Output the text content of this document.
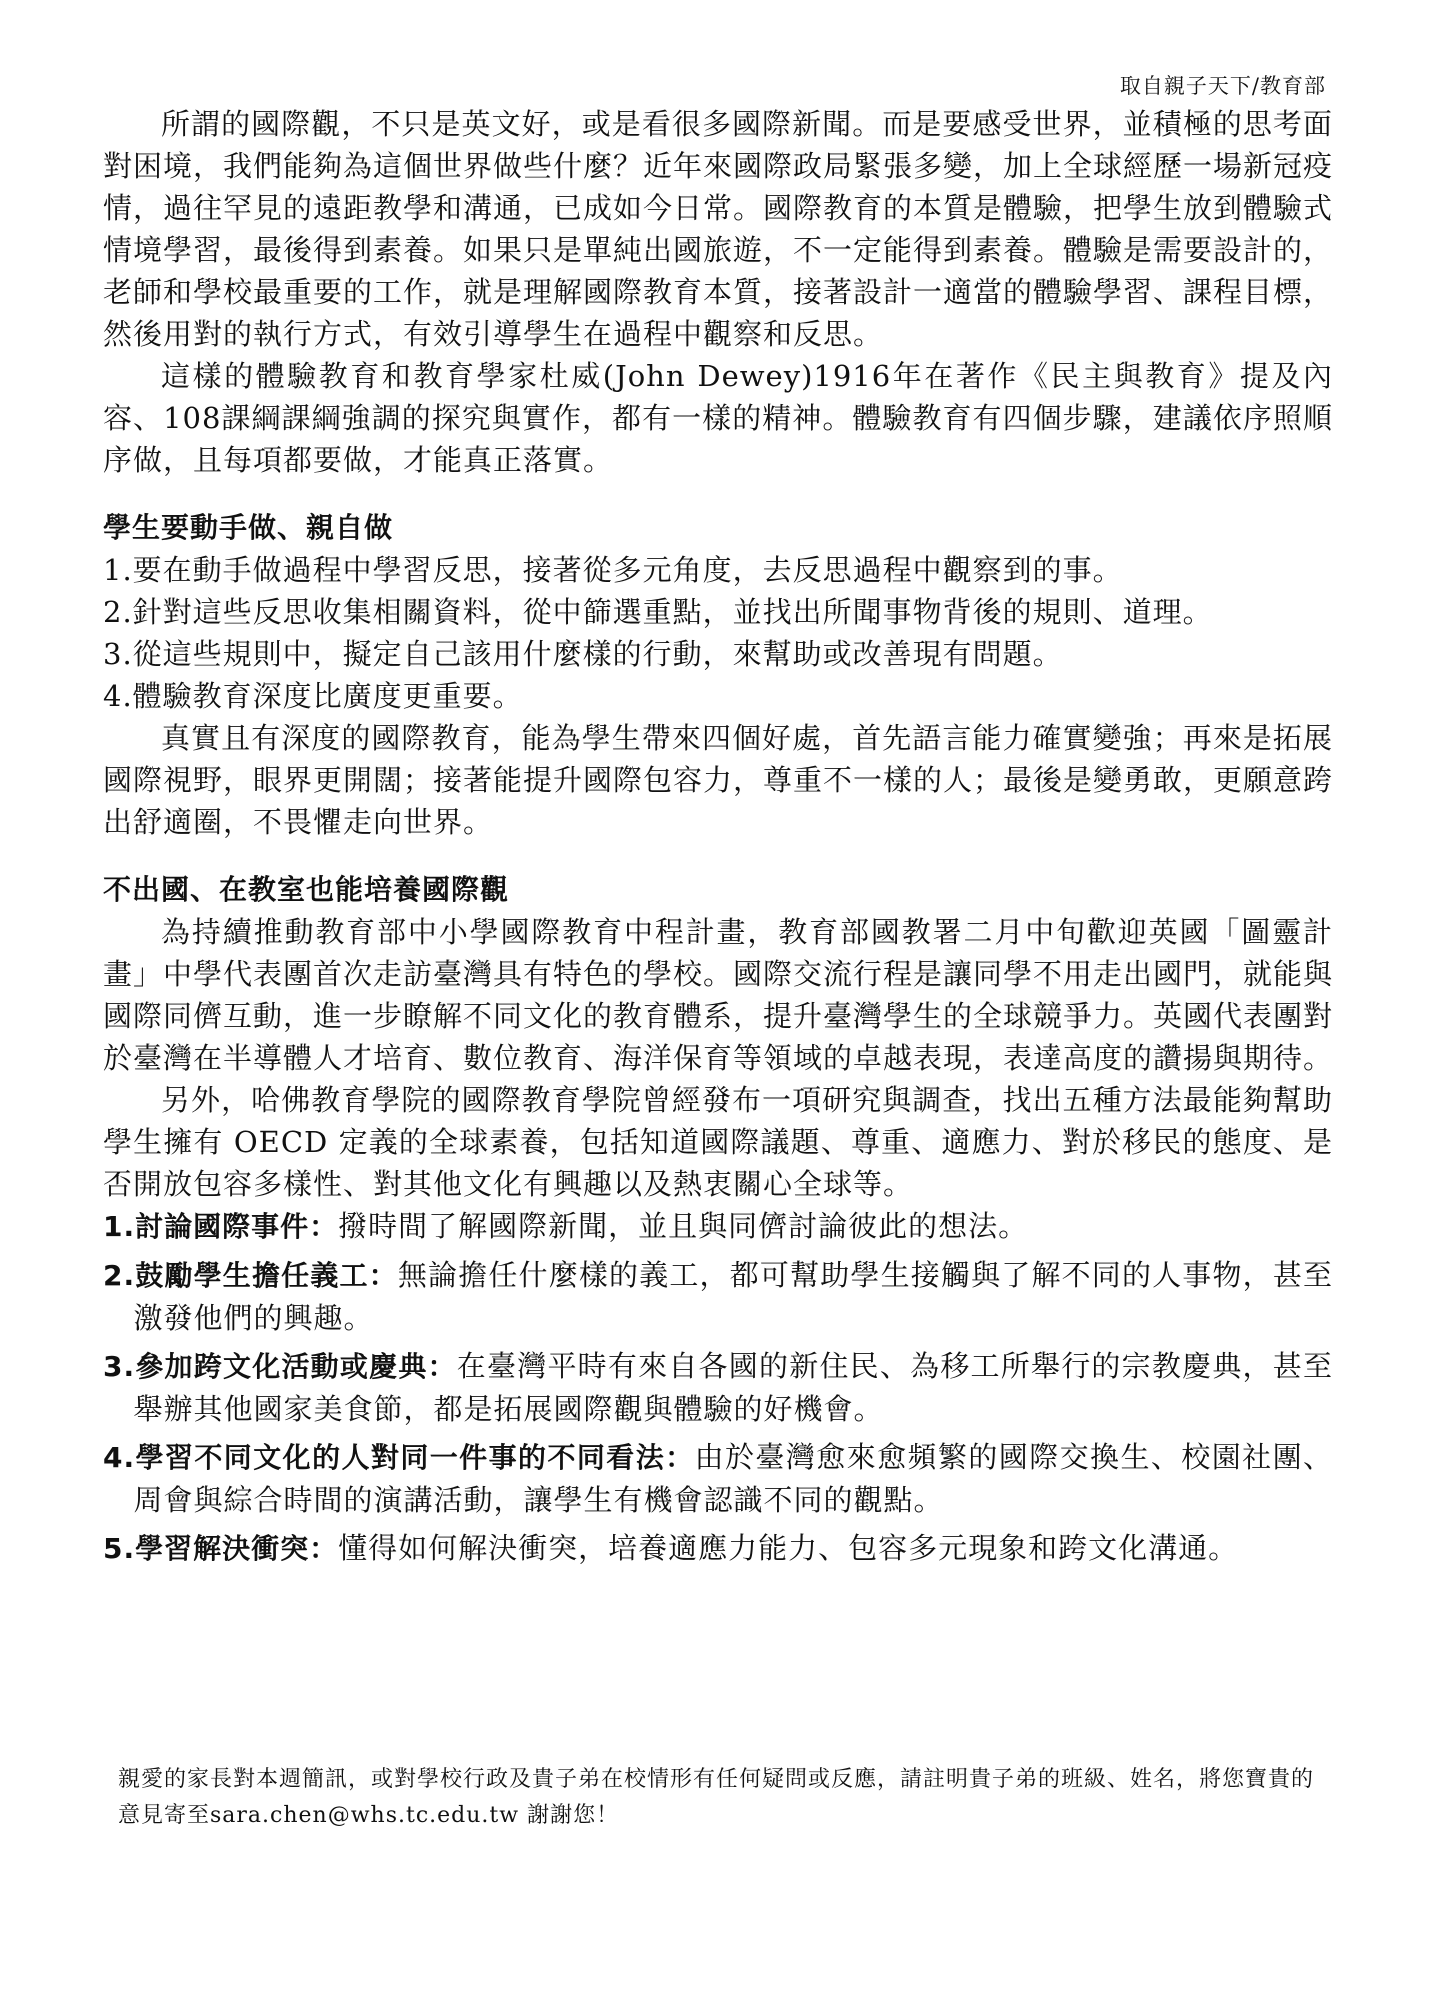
取自親子天下/教育部

所謂的國際觀，不只是英文好，或是看很多國際新聞。而是要感受世界，並積極的思考面對困境，我們能夠為這個世界做些什麼？近年來國際政局緊張多變，加上全球經歷一場新冠疫情，過往罕見的遠距教學和溝通，已成如今日常。國際教育的本質是體驗，把學生放到體驗式情境學習，最後得到素養。如果只是單純出國旅遊，不一定能得到素養。體驗是需要設計的，老師和學校最重要的工作，就是理解國際教育本質，接著設計一適當的體驗學習、課程目標，然後用對的執行方式，有效引導學生在過程中觀察和反思。

這樣的體驗教育和教育學家杜威(John Dewey)1916年在著作《民主與教育》提及內容、108課綱課綱強調的探究與實作，都有一樣的精神。體驗教育有四個步驟，建議依序照順序做，且每項都要做，才能真正落實。

學生要動手做、親自做
1.要在動手做過程中學習反思，接著從多元角度，去反思過程中觀察到的事。
2.針對這些反思收集相關資料，從中篩選重點，並找出所聞事物背後的規則、道理。
3.從這些規則中，擬定自己該用什麼樣的行動，來幫助或改善現有問題。
4.體驗教育深度比廣度更重要。

真實且有深度的國際教育，能為學生帶來四個好處，首先語言能力確實變強；再來是拓展國際視野，眼界更開闊；接著能提升國際包容力，尊重不一樣的人；最後是變勇敢，更願意跨出舒適圈，不畏懼走向世界。

不出國、在教室也能培養國際觀

為持續推動教育部中小學國際教育中程計畫，教育部國教署二月中旬歡迎英國「圖靈計畫」中學代表團首次走訪臺灣具有特色的學校。國際交流行程是讓同學不用走出國門，就能與國際同儕互動，進一步瞭解不同文化的教育體系，提升臺灣學生的全球競爭力。英國代表團對於臺灣在半導體人才培育、數位教育、海洋保育等領域的卓越表現，表達高度的讚揚與期待。

另外，哈佛教育學院的國際教育學院曾經發布一項研究與調查，找出五種方法最能夠幫助學生擁有 OECD 定義的全球素養，包括知道國際議題、尊重、適應力、對於移民的態度、是否開放包容多樣性、對其他文化有興趣以及熱衷關心全球等。

1.討論國際事件：撥時間了解國際新聞，並且與同儕討論彼此的想法。
2.鼓勵學生擔任義工：無論擔任什麼樣的義工，都可幫助學生接觸與了解不同的人事物，甚至激發他們的興趣。
3.參加跨文化活動或慶典：在臺灣平時有來自各國的新住民、為移工所舉行的宗教慶典，甚至舉辦其他國家美食節，都是拓展國際觀與體驗的好機會。
4.學習不同文化的人對同一件事的不同看法：由於臺灣愈來愈頻繁的國際交換生、校園社團、周會與綜合時間的演講活動，讓學生有機會認識不同的觀點。
5.學習解決衝突：懂得如何解決衝突，培養適應力能力、包容多元現象和跨文化溝通。
親愛的家長對本週簡訊，或對學校行政及貴子弟在校情形有任何疑問或反應，請註明貴子弟的班級、姓名，將您寶貴的意見寄至sara.chen@whs.tc.edu.tw 謝謝您！
